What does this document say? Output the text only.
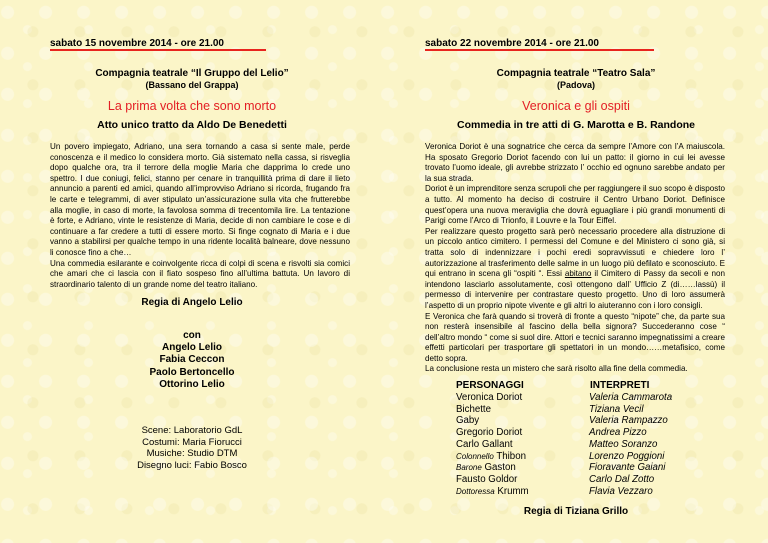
sabato 15 novembre 2014 - ore 21.00
Compagnia teatrale “Il Gruppo del Lelio”
(Bassano del Grappa)
La prima volta che sono morto
Atto unico tratto da Aldo De Benedetti

Un povero impiegato, Adriano, una sera tornando a casa si sente male, perde conoscenza e il medico lo considera morto. Già sistemato nella cassa, si risveglia dopo qualche ora, tra il terrore della moglie Maria che dapprima lo crede uno spettro. I due coniugi, felici, stanno per cenare in tranquillità prima di dare il lieto annuncio a parenti ed amici, quando all’improvviso Adriano si ricorda, frugando fra le carte e telegrammi, di aver stipulato un’assicurazione sulla vita che frutterebbe alla moglie, in caso di morte, la favolosa somma di trecentomila lire. La tentazione è forte, e Adriano, vinte le resistenze di Maria, decide di non cambiare le cose e di continuare a far credere a tutti di essere morto. Si finge cognato di Maria e i due vanno a stabilirsi per qualche tempo in una ridente località balneare, dove nessuno li conosce fino a che…

Una commedia esilarante e coinvolgente ricca di colpi di scena e risvolti sia comici che amari che ci lascia con il fiato sospeso fino all’ultima battuta. Un lavoro di straordinario talento di un grande nome del teatro italiano.

Regia di Angelo Lelio
con
Angelo Lelio
Fabia Ceccon
Paolo Bertoncello
Ottorino Lelio
Scene: Laboratorio GdL
Costumi: Maria Fiorucci
Musiche: Studio DTM
Disegno luci: Fabio Bosco
sabato 22 novembre 2014 - ore 21.00
Compagnia teatrale “Teatro Sala”
(Padova)
Veronica e gli ospiti
Commedia in tre atti di G. Marotta e B. Randone

Veronica Doriot è una sognatrice che cerca da sempre l’Amore con l’A maiuscola. Ha sposato Gregorio Doriot facendo con lui un patto: il giorno in cui lei avesse trovato l’uomo ideale, gli avrebbe strizzato l’ occhio ed ognuno sarebbe andato per la sua strada.

Doriot è un imprenditore senza scrupoli che per raggiungere il suo scopo è disposto a tutto. Al momento ha deciso di costruire il Centro Urbano Doriot. Definisce quest’opera una nuova meraviglia che dovrà eguagliare i più grandi monumenti di Parigi come l’Arco di Trionfo, il Louvre e la Tour Eiffel.

Per realizzare questo progetto sarà però necessario procedere alla distruzione di un piccolo antico cimitero. I permessi del Comune e del Ministero ci sono già, si tratta solo di indennizzare i pochi eredi sopravvissuti e chiedere loro l’ autorizzazione al trasferimento delle salme in un luogo più defilato e sconosciuto. E qui entrano in scena gli “ospiti “. Essi abitano il Cimitero di Passy da secoli e non intendono lasciarlo assolutamente, così ottengono dall’ Ufficio Z (di……lassù) il permesso di intervenire per contrastare questo progetto. Uno di loro assumerà l’aspetto di un proprio nipote vivente e gli altri lo aiuteranno con i loro consigli.

E Veronica che farà quando si troverà di fronte a questo “nipote” che, da parte sua non resterà insensibile al fascino della bella signora? Succederanno cose “ dell’altro mondo “ come si suol dire. Attori e tecnici saranno impegnatissimi a creare effetti particolari per trasportare gli spettatori in un mondo……metafisico, come detto sopra.

La conclusione resta un mistero che sarà risolto alla fine della commedia.

PERSONAGGI	INTERPRETI
Veronica Doriot
Bichette
Gaby
Gregorio Doriot
Carlo Gallant
Colonnello Thibon
Barone Gaston
Fausto Goldor
Dottoressa Krumm
Valeria Cammarota
Tiziana Vecil
Valeria Rampazzo
Andrea Pizzo
Matteo Soranzo
Lorenzo Poggioni
Fioravante Gaiani
Carlo Dal Zotto
Flavia Vezzaro
Regia di Tiziana Grillo
